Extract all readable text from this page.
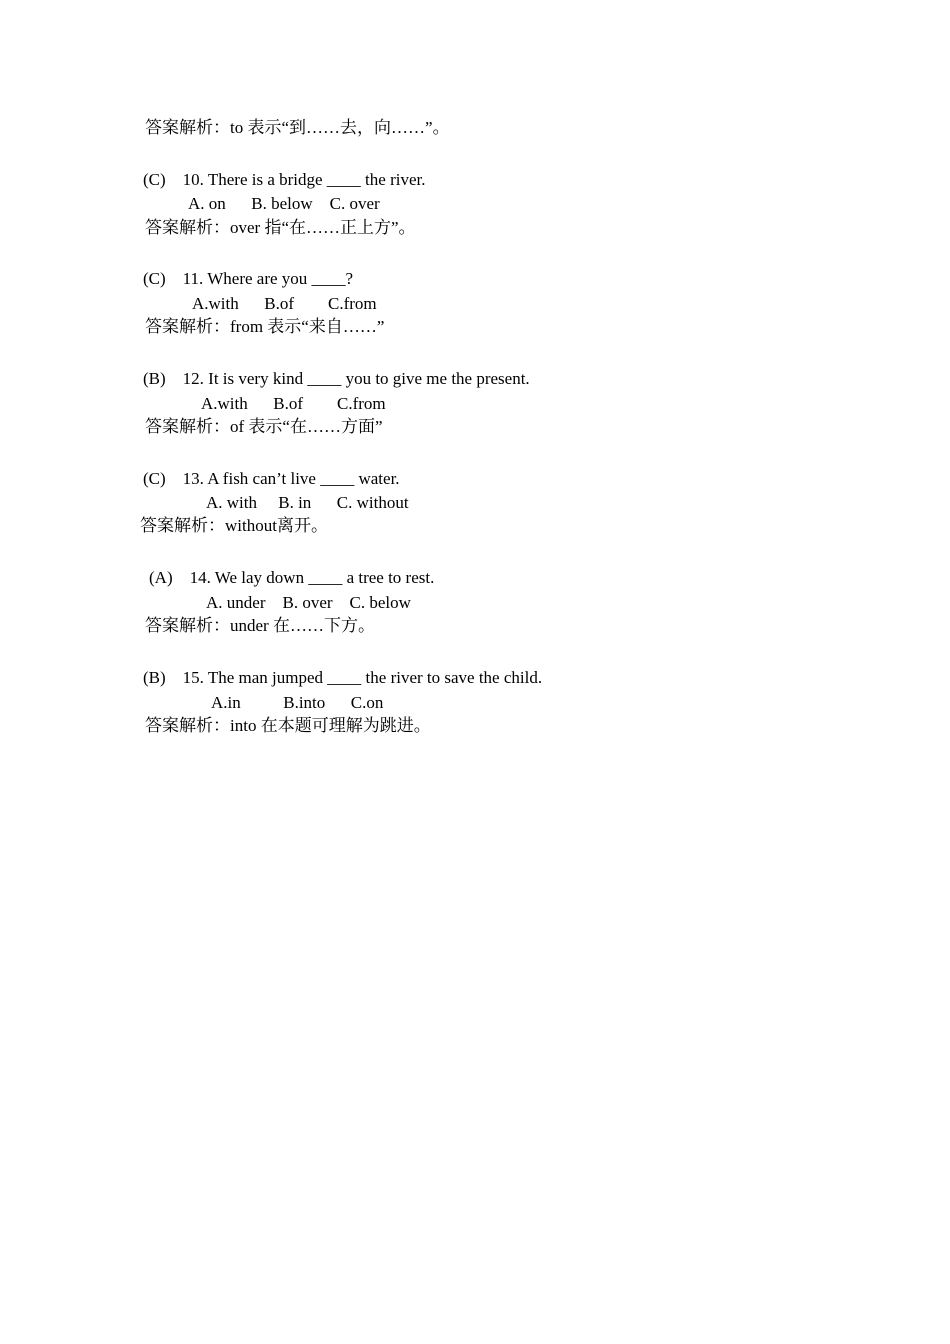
答案解析：to 表示“到……去，向……”。
(C)    10. There is a bridge ____ the river.
A. on      B. below    C. over
答案解析：over 指“在……正上方”。
(C)    11. Where are you ____?
A.with      B.of        C.from
答案解析：from 表示“来自……”
(B)    12. It is very kind ____ you to give me the present.
A.with      B.of        C.from
答案解析：of 表示“在……方面”
(C)    13. A fish can’t live ____ water.
A. with     B. in      C. without
答案解析：without离开。
(A)    14. We lay down ____ a tree to rest.
A. under    B. over    C. below
答案解析：under 在……下方。
(B)    15. The man jumped ____ the river to save the child.
A.in          B.into      C.on
答案解析：into 在本题可理解为跳进。
